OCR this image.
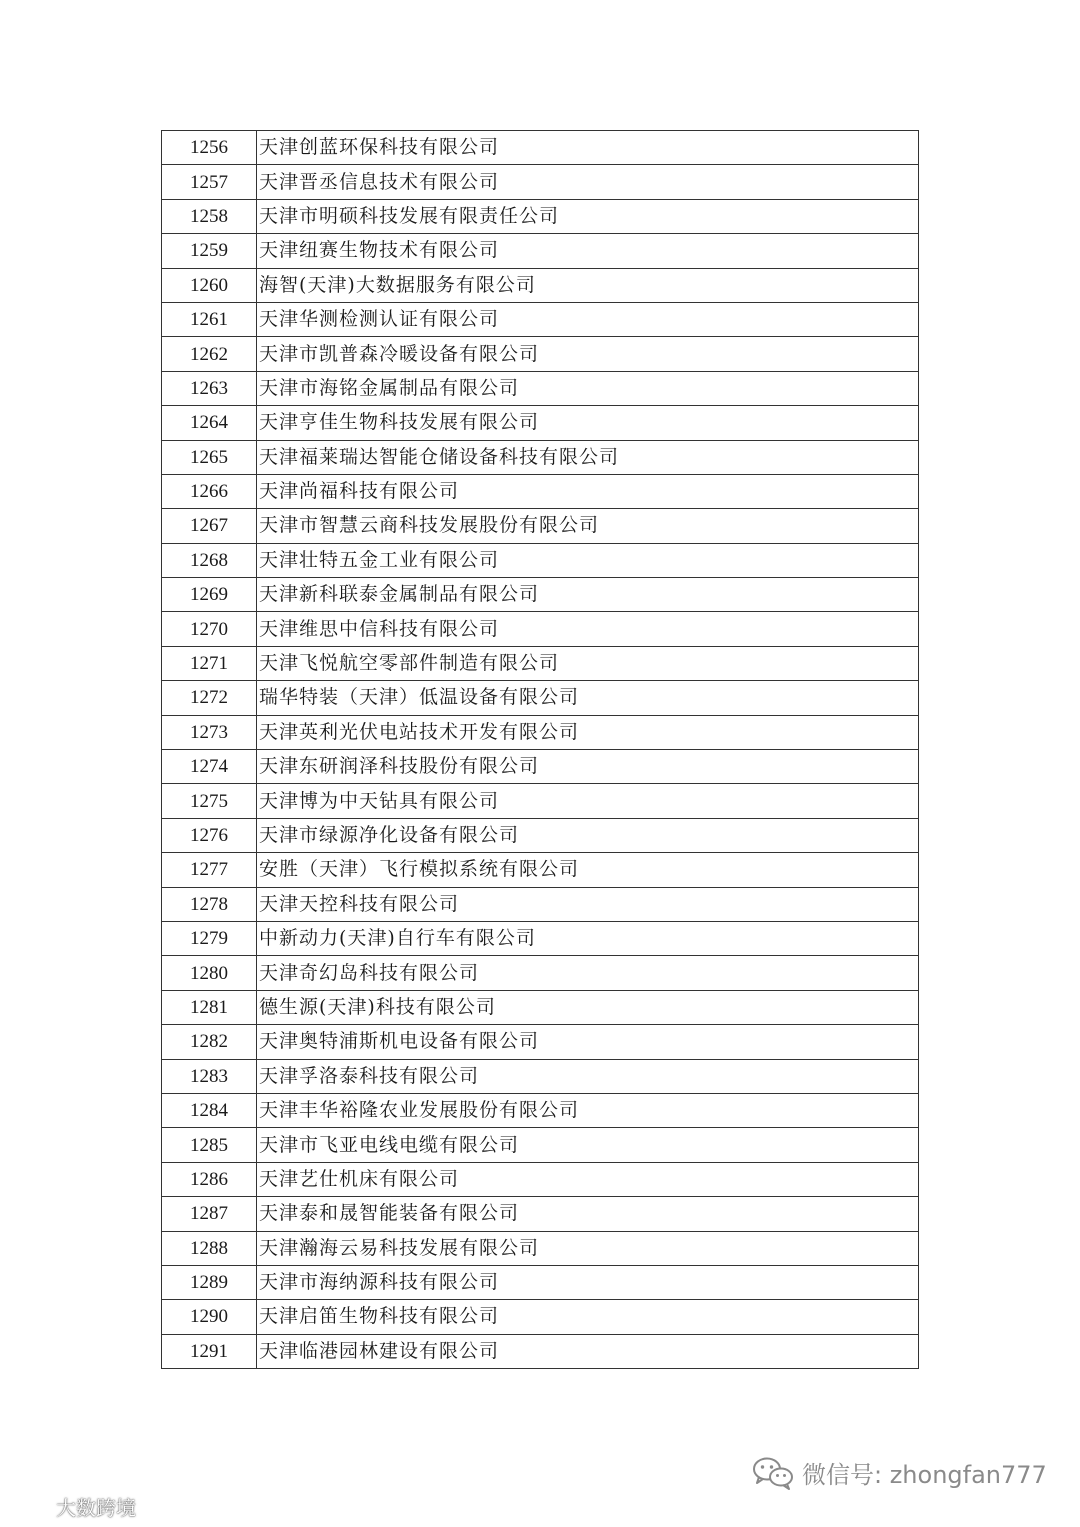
1256	天津创蓝环保科技有限公司
1257	天津晋丞信息技术有限公司
1258	天津市明硕科技发展有限责任公司
1259	天津纽赛生物技术有限公司
1260	海智(天津)大数据服务有限公司
1261	天津华测检测认证有限公司
1262	天津市凯普森冷暖设备有限公司
1263	天津市海铭金属制品有限公司
1264	天津亨佳生物科技发展有限公司
1265	天津福莱瑞达智能仓储设备科技有限公司
1266	天津尚福科技有限公司
1267	天津市智慧云商科技发展股份有限公司
1268	天津壮特五金工业有限公司
1269	天津新科联泰金属制品有限公司
1270	天津维思中信科技有限公司
1271	天津飞悦航空零部件制造有限公司
1272	瑞华特装（天津）低温设备有限公司
1273	天津英利光伏电站技术开发有限公司
1274	天津东研润泽科技股份有限公司
1275	天津博为中天钻具有限公司
1276	天津市绿源净化设备有限公司
1277	安胜（天津）飞行模拟系统有限公司
1278	天津天控科技有限公司
1279	中新动力(天津)自行车有限公司
1280	天津奇幻岛科技有限公司
1281	德生源(天津)科技有限公司
1282	天津奥特浦斯机电设备有限公司
1283	天津孚洛泰科技有限公司
1284	天津丰华裕隆农业发展股份有限公司
1285	天津市飞亚电线电缆有限公司
1286	天津艺仕机床有限公司
1287	天津泰和晟智能装备有限公司
1288	天津瀚海云易科技发展有限公司
1289	天津市海纳源科技有限公司
1290	天津启笛生物科技有限公司
1291	天津临港园林建设有限公司
大数跨境
微信号: zhongfan777
